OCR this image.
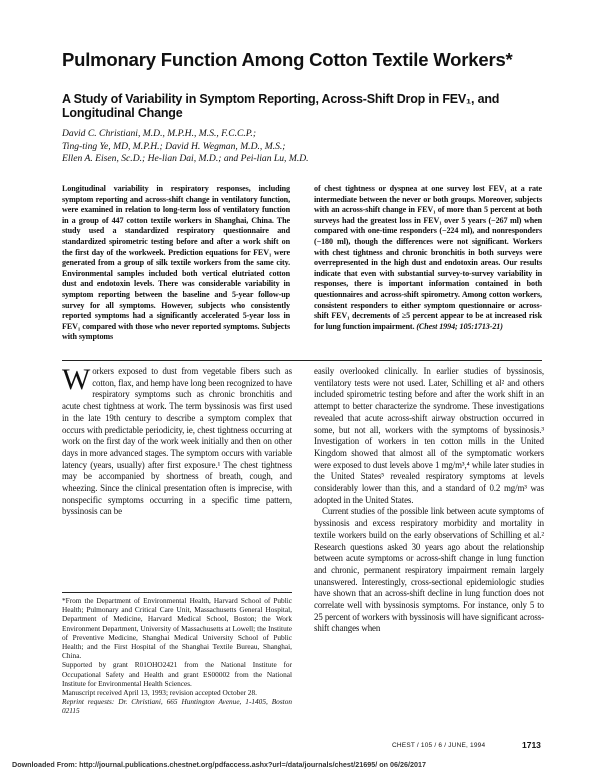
Pulmonary Function Among Cotton Textile Workers*
A Study of Variability in Symptom Reporting, Across-Shift Drop in FEV₁, and Longitudinal Change
David C. Christiani, M.D., M.P.H., M.S., F.C.C.P.;
Ting-ting Ye, MD, M.P.H.; David H. Wegman, M.D., M.S.;
Ellen A. Eisen, Sc.D.; He-lian Dai, M.D.; and Pei-lian Lu, M.D.
Longitudinal variability in respiratory responses, including symptom reporting and across-shift change in ventilatory function, were examined in relation to long-term loss of ventilatory function in a group of 447 cotton textile workers in Shanghai, China. The study used a standardized respiratory questionnaire and standardized spirometric testing before and after a work shift on the first day of the workweek. Prediction equations for FEV₁ were generated from a group of silk textile workers from the same city. Environmental samples included both vertical elutriated cotton dust and endotoxin levels. There was considerable variability in symptom reporting between the baseline and 5-year follow-up survey for all symptoms. However, subjects who consistently reported symptoms had a significantly accelerated 5-year loss in FEV₁ compared with those who never reported symptoms. Subjects with symptoms
of chest tightness or dyspnea at one survey lost FEV₁ at a rate intermediate between the never or both groups. Moreover, subjects with an across-shift change in FEV₁ of more than 5 percent at both surveys had the greatest loss in FEV₁ over 5 years (−267 ml) when compared with one-time responders (−224 ml), and nonresponders (−180 ml), though the differences were not significant. Workers with chest tightness and chronic bronchitis in both surveys were overrepresented in the high dust and endotoxin areas. Our results indicate that even with substantial survey-to-survey variability in responses, there is important information contained in both questionnaires and across-shift spirometry. Among cotton workers, consistent responders to either symptom questionnaire or across-shift FEV₁ decrements of ≥5 percent appear to be at increased risk for lung function impairment. (Chest 1994; 105:1713-21)

Workers exposed to dust from vegetable fibers such as cotton, flax, and hemp have long been recognized to have respiratory symptoms such as chronic bronchitis and acute chest tightness at work. The term byssinosis was first used in the late 19th century to describe a symptom complex that occurs with predictable periodicity, ie, chest tightness occurring at work on the first day of the work week initially and then on other days in more advanced stages. The symptom occurs with variable latency (years, usually) after first exposure.¹ The chest tightness may be accompanied by shortness of breath, cough, and wheezing. Since the clinical presentation often is imprecise, with nonspecific symptoms occurring in a specific time pattern, byssinosis can be

*From the Department of Environmental Health, Harvard School of Public Health; Pulmonary and Critical Care Unit, Massachusetts General Hospital, Department of Medicine, Harvard Medical School, Boston; the Work Environment Department, University of Massachusetts at Lowell; the Institute of Preventive Medicine, Shanghai Medical University School of Public Health; and the First Hospital of the Shanghai Textile Bureau, Shanghai, China.

Supported by grant R01OHO2421 from the National Institute for Occupational Safety and Health and grant ES00002 from the National Institute for Environmental Health Sciences.

Manuscript received April 13, 1993; revision accepted October 28.

Reprint requests: Dr. Christiani, 665 Huntington Avenue, 1-1405, Boston 02115

easily overlooked clinically. In earlier studies of byssinosis, ventilatory tests were not used. Later, Schilling et al² and others included spirometric testing before and after the work shift in an attempt to better characterize the syndrome. These investigations revealed that acute across-shift airway obstruction occurred in some, but not all, workers with the symptoms of byssinosis.³ Investigation of workers in ten cotton mills in the United Kingdom showed that almost all of the symptomatic workers were exposed to dust levels above 1 mg/m³,⁴ while later studies in the United States⁵ revealed respiratory symptoms at levels considerably lower than this, and a standard of 0.2 mg/m³ was adopted in the United States.

Current studies of the possible link between acute symptoms of byssinosis and excess respiratory morbidity and mortality in textile workers build on the early observations of Schilling et al.² Research questions asked 30 years ago about the relationship between acute symptoms or across-shift change in lung function and chronic, permanent respiratory impairment remain largely unanswered. Interestingly, cross-sectional epidemiologic studies have shown that an across-shift decline in lung function does not correlate well with byssinosis symptoms. For instance, only 5 to 25 percent of workers with byssinosis will have significant across-shift changes when

CHEST / 105 / 6 / JUNE, 1994	1713
Downloaded From: http://journal.publications.chestnet.org/pdfaccess.ashx?url=/data/journals/chest/21695/ on 06/26/2017
